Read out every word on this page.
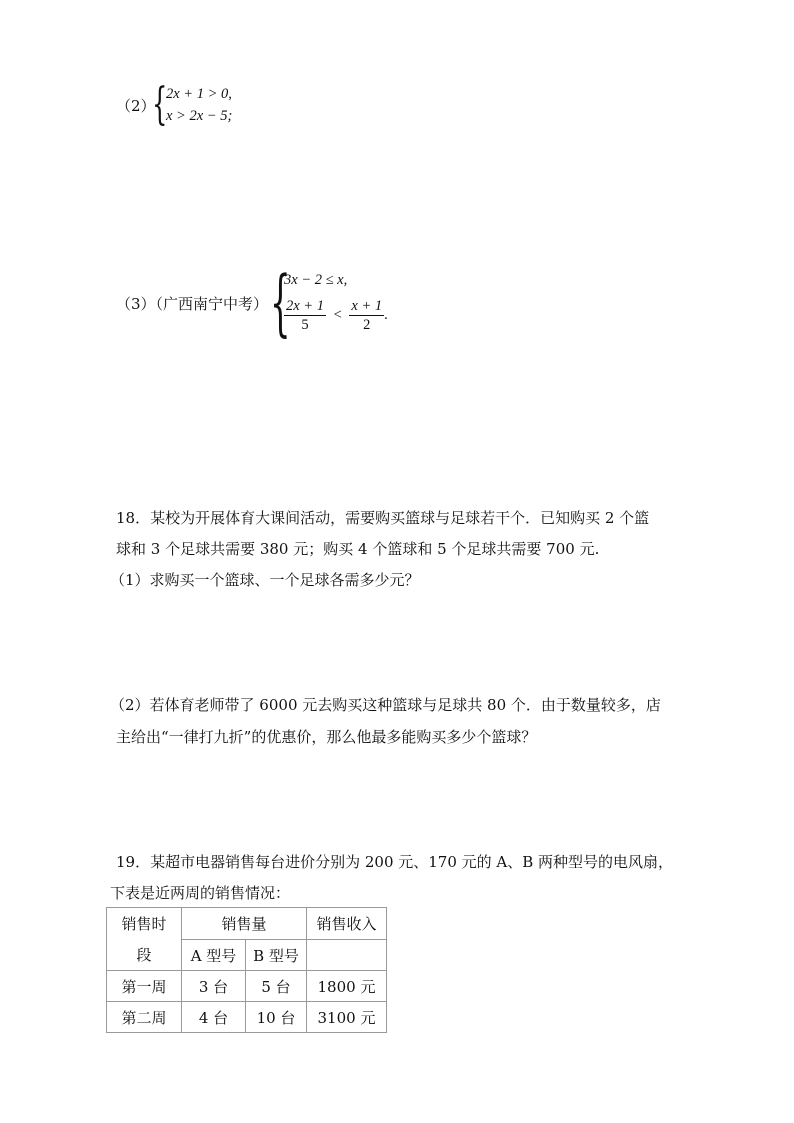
（2）
{
2x + 1 > 0,
x > 2x − 5;
（3）（广西南宁中考） {
3x − 2 ≤ x,
$\frac{2x + 1}{5} < \frac{x + 1}{2}$ .
18．某校为开展体育大课间活动，需要购买篮球与足球若干个．已知购买 2 个篮
球和 3 个足球共需要 380 元；购买 4 个篮球和 5 个足球共需要 700 元.
（1）求购买一个篮球、一个足球各需多少元？
（2）若体育老师带了 6000 元去购买这种篮球与足球共 80 个．由于数量较多，店
主给出“一律打九折”的优惠价，那么他最多能购买多少个篮球？
19．某超市电器销售每台进价分别为 200 元、170 元的 A、B 两种型号的电风扇，
下表是近两周的销售情况：
销售时	销售量		销售收入
段	A 型号	B 型号	
第一周	3 台	5 台	1800 元
第二周	4 台	10 台	3100 元
